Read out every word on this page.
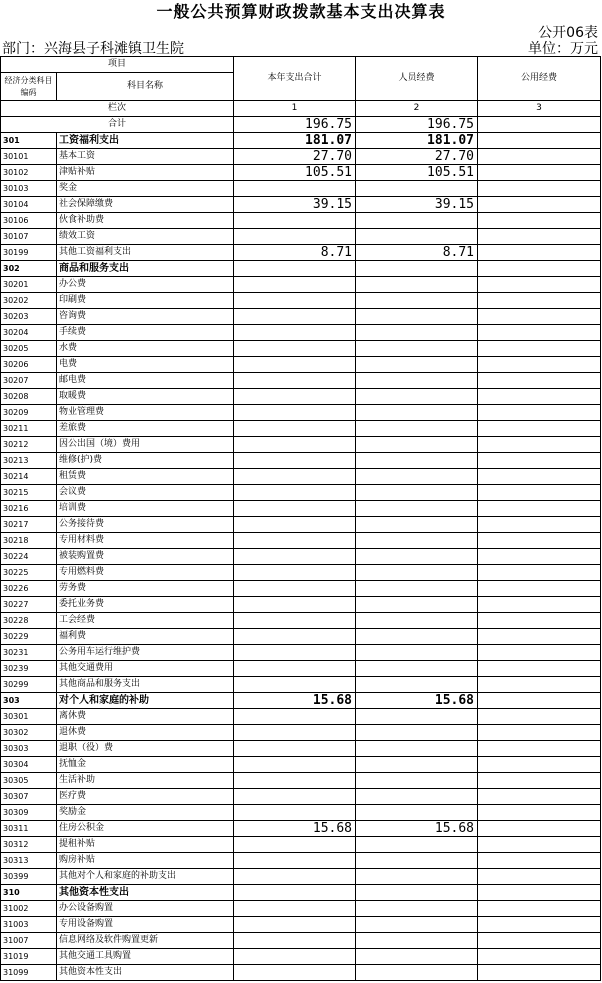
一般公共预算财政拨款基本支出决算表
公开06表
部门：兴海县子科滩镇卫生院	单位：万元
项目		本年支出合计	人员经费	公用经费
经济分类科目编码	科目名称			

栏次		1	2	3
合计		196.75	196.75	
301	工资福利支出	181.07	181.07	
30101	基本工资	27.70	27.70	
30102	津贴补贴	105.51	105.51	
30103	奖金			
30104	社会保障缴费	39.15	39.15	
30106	伙食补助费			
30107	绩效工资			
30199	其他工资福利支出	8.71	8.71	
302	商品和服务支出			
30201	办公费			
30202	印刷费			
30203	咨询费			
30204	手续费			
30205	水费			
30206	电费			
30207	邮电费			
30208	取暖费			
30209	物业管理费			
30211	差旅费			
30212	因公出国（境）费用			
30213	维修(护)费			
30214	租赁费			
30215	会议费			
30216	培训费			
30217	公务接待费			
30218	专用材料费			
30224	被装购置费			
30225	专用燃料费			
30226	劳务费			
30227	委托业务费			
30228	工会经费			
30229	福利费			
30231	公务用车运行维护费			
30239	其他交通费用			
30299	其他商品和服务支出			
303	对个人和家庭的补助	15.68	15.68	
30301	离休费			
30302	退休费			
30303	退职（役）费			
30304	抚恤金			
30305	生活补助			
30307	医疗费			
30309	奖励金			
30311	住房公积金	15.68	15.68	
30312	提租补贴			
30313	购房补贴			
30399	其他对个人和家庭的补助支出			
310	其他资本性支出			
31002	办公设备购置			
31003	专用设备购置			
31007	信息网络及软件购置更新			
31019	其他交通工具购置			
31099	其他资本性支出			
